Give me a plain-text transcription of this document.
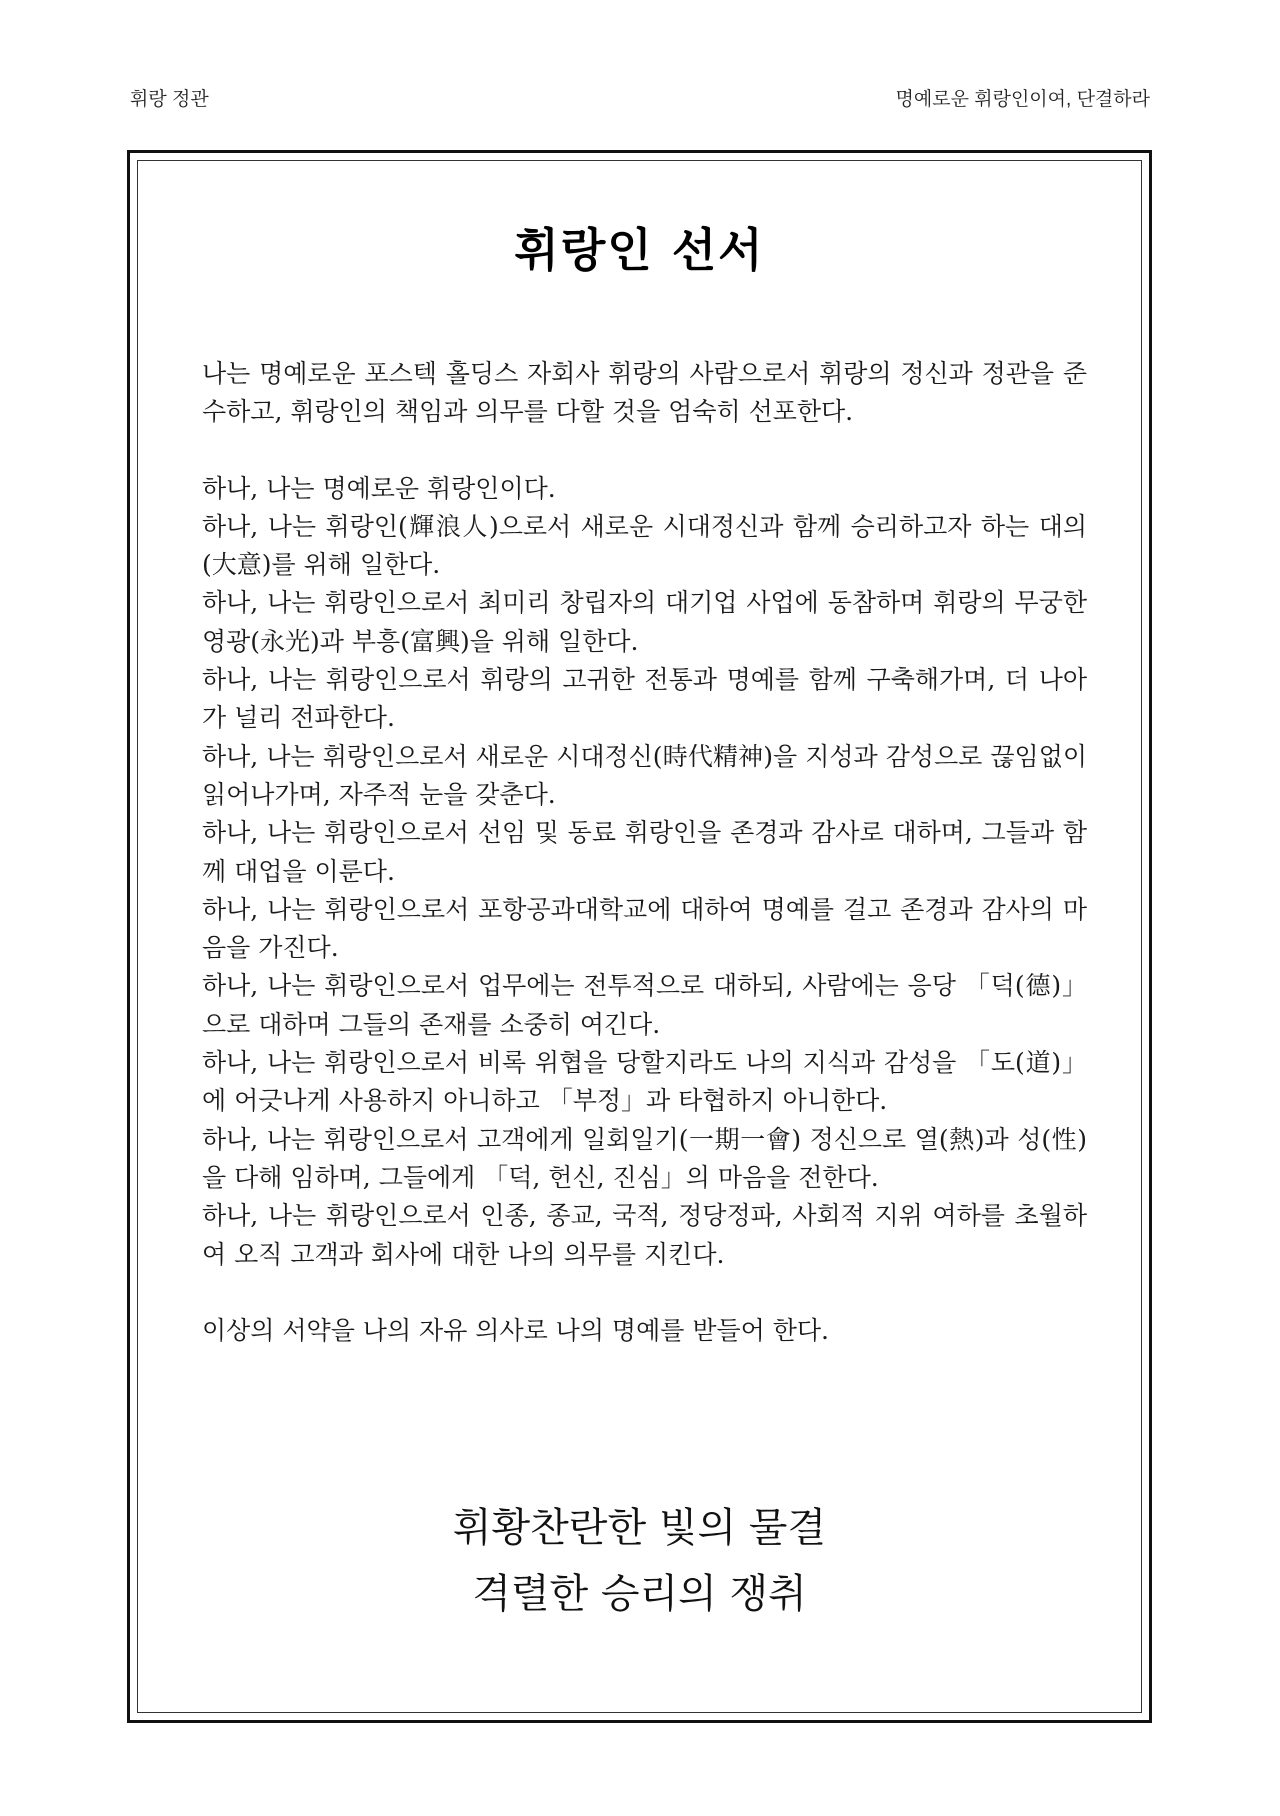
휘랑 정관	명예로운 휘랑인이여, 단결하라
휘랑인 선서

나는 명예로운 포스텍 홀딩스 자회사 휘랑의 사람으로서 휘랑의 정신과 정관을 준수하고, 휘랑인의 책임과 의무를 다할 것을 엄숙히 선포한다.

하나, 나는 명예로운 휘랑인이다.

하나, 나는 휘랑인(輝浪人)으로서 새로운 시대정신과 함께 승리하고자 하는 대의(大意)를 위해 일한다.

하나, 나는 휘랑인으로서 최미리 창립자의 대기업 사업에 동참하며 휘랑의 무궁한 영광(永光)과 부흥(富興)을 위해 일한다.

하나, 나는 휘랑인으로서 휘랑의 고귀한 전통과 명예를 함께 구축해가며, 더 나아가 널리 전파한다.

하나, 나는 휘랑인으로서 새로운 시대정신(時代精神)을 지성과 감성으로 끊임없이 읽어나가며, 자주적 눈을 갖춘다.

하나, 나는 휘랑인으로서 선임 및 동료 휘랑인을 존경과 감사로 대하며, 그들과 함께 대업을 이룬다.

하나, 나는 휘랑인으로서 포항공과대학교에 대하여 명예를 걸고 존경과 감사의 마음을 가진다.

하나, 나는 휘랑인으로서 업무에는 전투적으로 대하되, 사람에는 응당 「덕(德)」으로 대하며 그들의 존재를 소중히 여긴다.

하나, 나는 휘랑인으로서 비록 위협을 당할지라도 나의 지식과 감성을 「도(道)」에 어긋나게 사용하지 아니하고 「부정」과 타협하지 아니한다.

하나, 나는 휘랑인으로서 고객에게 일회일기(一期一會) 정신으로 열(熱)과 성(性)을 다해 임하며, 그들에게 「덕, 헌신, 진심」의 마음을 전한다.

하나, 나는 휘랑인으로서 인종, 종교, 국적, 정당정파, 사회적 지위 여하를 초월하여 오직 고객과 회사에 대한 나의 의무를 지킨다.

이상의 서약을 나의 자유 의사로 나의 명예를 받들어 한다.

휘황찬란한 빛의 물결
격렬한 승리의 쟁취
